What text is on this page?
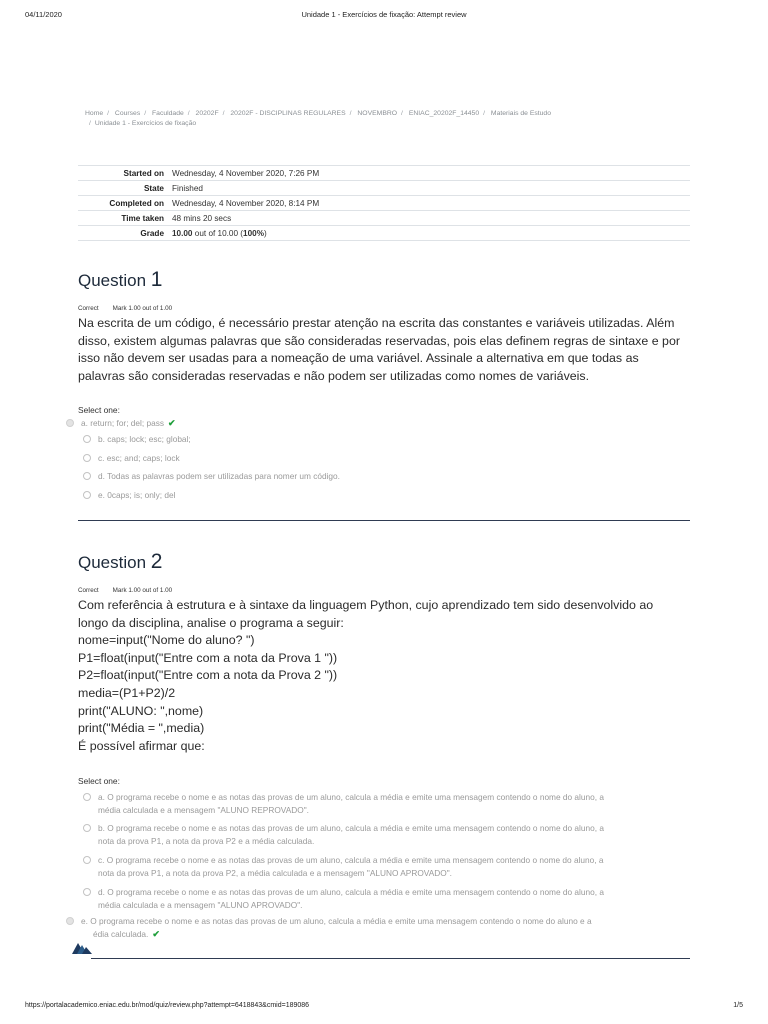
04/11/2020	Unidade 1 - Exercícios de fixação: Attempt review
Home / Courses / Faculdade / 20202F / 20202F - DISCIPLINAS REGULARES / NOVEMBRO / ENIAC_20202F_14450 / Materiais de Estudo
/ Unidade 1 - Exercícios de fixação
Started on	Wednesday, 4 November 2020, 7:26 PM
State	Finished
Completed on	Wednesday, 4 November 2020, 8:14 PM
Time taken	48 mins 20 secs
Grade	10.00 out of 10.00 (100%)
Question 1
Correct Mark 1.00 out of 1.00
Na escrita de um código, é necessário prestar atenção na escrita das constantes e variáveis utilizadas. Além
disso, existem algumas palavras que são consideradas reservadas, pois elas definem regras de sintaxe e por
isso não devem ser usadas para a nomeação de uma variável. Assinale a alternativa em que todas as
palavras são consideradas reservadas e não podem ser utilizadas como nomes de variáveis.
Select one:
a. return; for; del; pass ✔
b. caps; lock; esc; global;
c. esc; and; caps; lock
d. Todas as palavras podem ser utilizadas para nomer um código.
e. 0caps; is; only; del
Question 2
Correct Mark 1.00 out of 1.00
Com referência à estrutura e à sintaxe da linguagem Python, cujo aprendizado tem sido desenvolvido ao
longo da disciplina, analise o programa a seguir:
nome=input("Nome do aluno? ")
P1=float(input("Entre com a nota da Prova 1 "))
P2=float(input("Entre com a nota da Prova 2 "))
media=(P1+P2)/2
print("ALUNO: ",nome)
print("Média = ",media)
É possível afirmar que:
Select one:
a. O programa recebe o nome e as notas das provas de um aluno, calcula a média e emite uma mensagem contendo o nome do aluno, a
média calculada e a mensagem "ALUNO REPROVADO".
b. O programa recebe o nome e as notas das provas de um aluno, calcula a média e emite uma mensagem contendo o nome do aluno, a
nota da prova P1, a nota da prova P2 e a média calculada.
c. O programa recebe o nome e as notas das provas de um aluno, calcula a média e emite uma mensagem contendo o nome do aluno, a
nota da prova P1, a nota da prova P2, a média calculada e a mensagem "ALUNO APROVADO".
d. O programa recebe o nome e as notas das provas de um aluno, calcula a média e emite uma mensagem contendo o nome do aluno, a
média calculada e a mensagem "ALUNO APROVADO".
e. O programa recebe o nome e as notas das provas de um aluno, calcula a média e emite uma mensagem contendo o nome do aluno e a
édia calculada. ✔
https://portalacademico.eniac.edu.br/mod/quiz/review.php?attempt=6418843&cmid=189086	1/5
